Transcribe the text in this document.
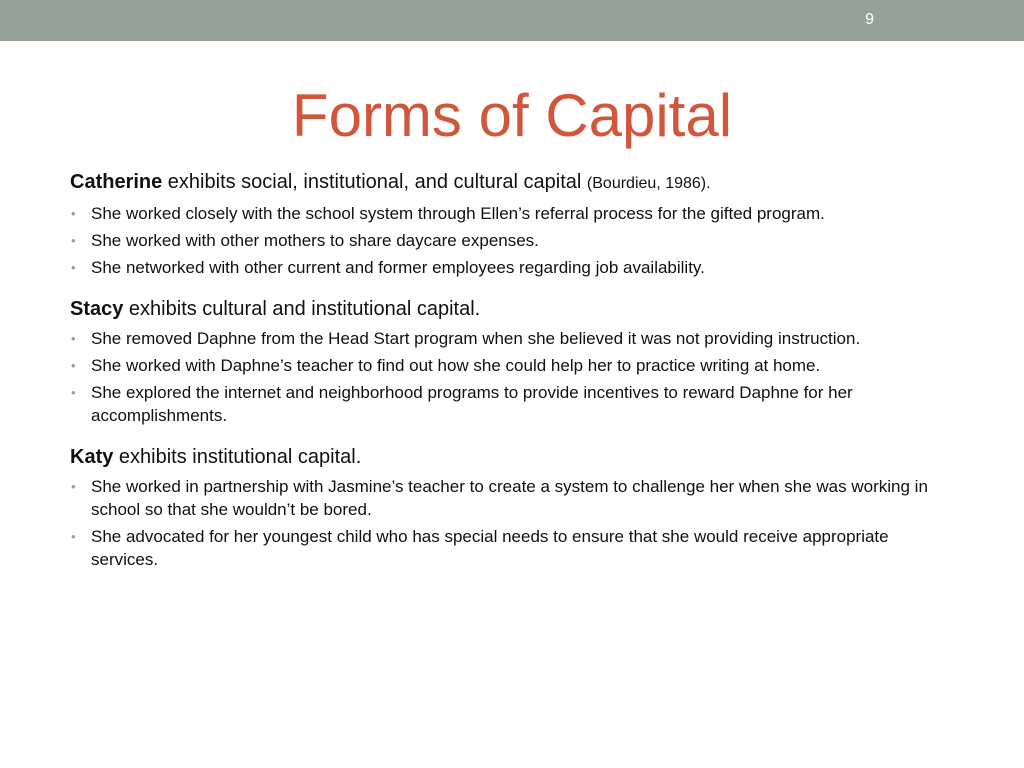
9
Forms of Capital

Catherine exhibits social, institutional, and cultural capital (Bourdieu, 1986).

• She worked closely with the school system through Ellen’s referral process for the gifted program.
• She worked with other mothers to share daycare expenses.
• She networked with other current and former employees regarding job availability.

Stacy exhibits cultural and institutional capital.

• She removed Daphne from the Head Start program when she believed it was not providing instruction.
• She worked with Daphne’s teacher to find out how she could help her to practice writing at home.
• She explored the internet and neighborhood programs to provide incentives to reward Daphne for her accomplishments.

Katy exhibits institutional capital.

• She worked in partnership with Jasmine’s teacher to create a system to challenge her when she was working in school so that she wouldn’t be bored.
• She advocated for her youngest child who has special needs to ensure that she would receive appropriate services.
